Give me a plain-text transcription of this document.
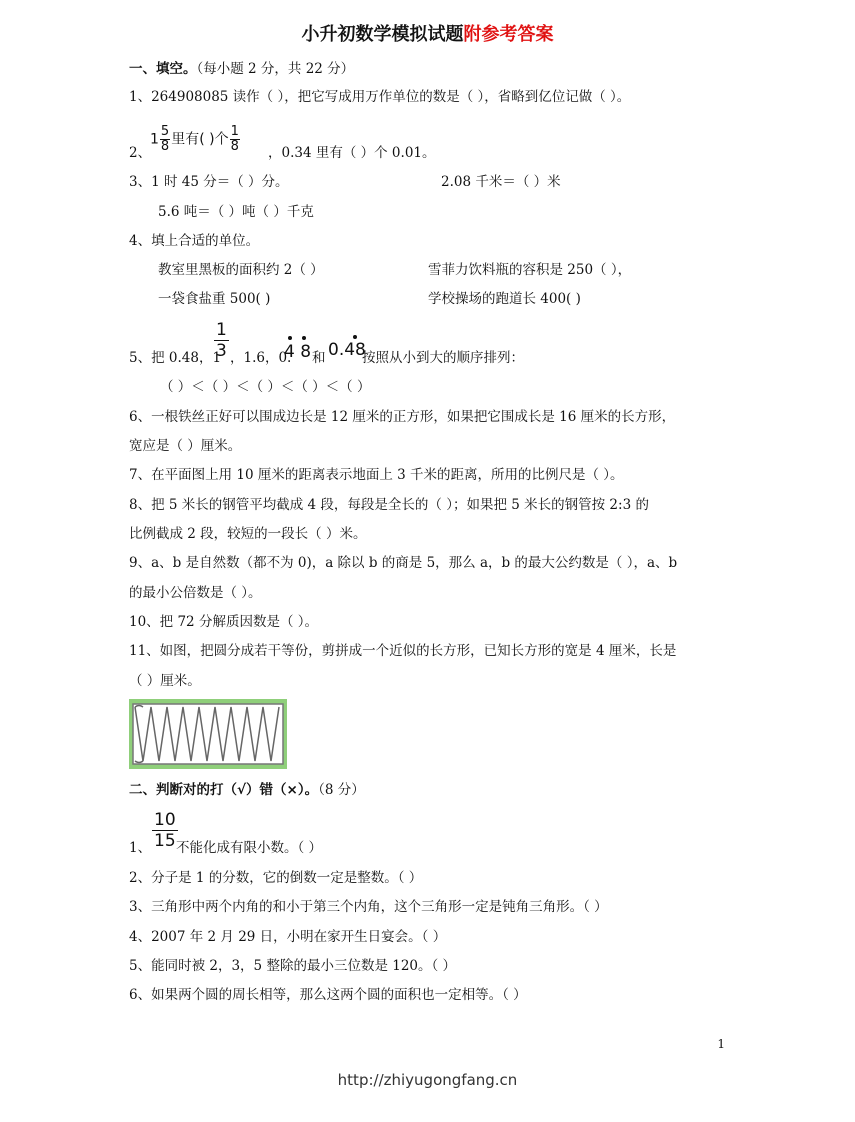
小升初数学模拟试题附参考答案
一、填空。（每小题 2 分，共 22 分）
1、264908085 读作（ ），把它写成用万作单位的数是（ ），省略到亿位记做（ ）。
2、
$1 \frac{5}{8}$ 里有( )个 $\frac{1}{8}$ ，0.34 里有（ ）个 0.01。
3、1 时 45 分＝（ ）分。	2.08 千米＝（ ）米
5.6 吨＝（ ）吨（ ）千克
4、填上合适的单位。
教室里黑板的面积约 2（ ）	雪菲力饮料瓶的容积是 250（ ），
一袋食盐重 500( )	学校操场的跑道长 400( )
5、把 0.48，1
1
3 ，1.6，0.
4 8 和 0.48
按照从小到大的顺序排列：
（ ）＜（ ）＜（ ）＜（ ）＜（ ）
6、一根铁丝正好可以围成边长是 12 厘米的正方形，如果把它围成长是 16 厘米的长方形，
宽应是（ ）厘米。
7、在平面图上用 10 厘米的距离表示地面上 3 千米的距离，所用的比例尺是（ ）。
8、把 5 米长的钢管平均截成 4 段，每段是全长的（ ）；如果把 5 米长的钢管按 2:3 的
比例截成 2 段，较短的一段长（ ）米。
9、a、b 是自然数（都不为 0)，a 除以 b 的商是 5，那么 a，b 的最大公约数是（ ），a、b
的最小公倍数是（ ）。
10、把 72 分解质因数是（ ）。
11、如图，把圆分成若干等份，剪拼成一个近似的长方形，已知长方形的宽是 4 厘米，长是
（ ）厘米。
二、判断对的打（√）错（×）。（8 分）
1、
10
15 不能化成有限小数。（ ）
2、分子是 1 的分数，它的倒数一定是整数。（ ）
3、三角形中两个内角的和小于第三个内角，这个三角形一定是钝角三角形。（ ）
4、2007 年 2 月 29 日，小明在家开生日宴会。（ ）
5、能同时被 2，3，5 整除的最小三位数是 120。（ ）
6、如果两个圆的周长相等，那么这两个圆的面积也一定相等。（ ）
1
http://zhiyugongfang.cn
